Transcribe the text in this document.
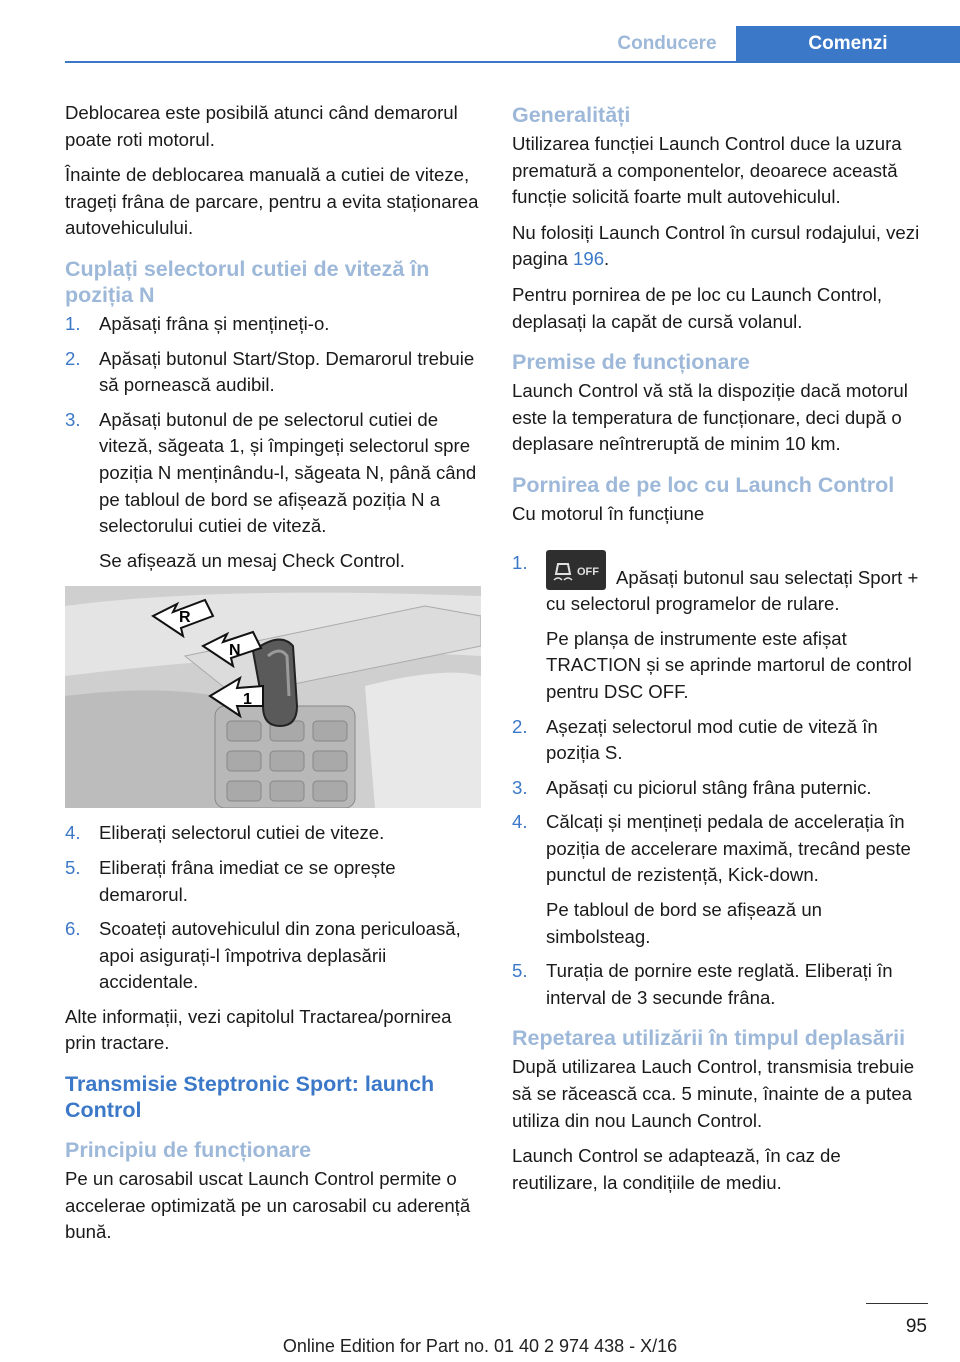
Conducere	Comenzi

Deblocarea este posibilă atunci când demarorul poate roti motorul.

Înainte de deblocarea manuală a cutiei de viteze, trageți frâna de parcare, pentru a evita staționarea autovehiculului.

Cuplați selectorul cutiei de viteză în poziția N
1. Apăsați frâna și mențineți-o.
2. Apăsați butonul Start/Stop. Demarorul trebuie să pornească audibil.
3. Apăsați butonul de pe selectorul cutiei de viteză, săgeata 1, și împingeți selectorul spre poziția N menținându-l, săgeata N, până când pe tabloul de bord se afișează poziția N a selectorului cutiei de viteză.
Se afișează un mesaj Check Control.
R
N
1
4. Eliberați selectorul cutiei de viteze.
5. Eliberați frâna imediat ce se oprește demarorul.
6. Scoateți autovehiculul din zona periculoasă, apoi asigurați-l împotriva deplasării accidentale.

Alte informații, vezi capitolul Tractarea/pornirea prin tractare.

Transmisie Steptronic Sport: launch Control
Principiu de funcționare

Pe un carosabil uscat Launch Control permite o accelerae optimizată pe un carosabil cu aderență bună.

Generalități

Utilizarea funcției Launch Control duce la uzura prematură a componentelor, deoarece această funcție solicită foarte mult autovehiculul.

Nu folosiți Launch Control în cursul rodajului, vezi pagina 196.

Pentru pornirea de pe loc cu Launch Control, deplasați la capăt de cursă volanul.

Premise de funcționare

Launch Control vă stă la dispoziție dacă motorul este la temperatura de funcționare, deci după o deplasare neîntreruptă de minim 10 km.

Pornirea de pe loc cu Launch Control

Cu motorul în funcțiune

1.	OFF Apăsați butonul sau selectați Sport + cu selectorul programelor de rulare.
Pe planșa de instrumente este afișat TRACTION și se aprinde martorul de control pentru DSC OFF.
2. Așezați selectorul mod cutie de viteză în poziția S.
3. Apăsați cu piciorul stâng frâna puternic.
4. Călcați și mențineți pedala de accelerația în poziția de accelerare maximă, trecând peste punctul de rezistență, Kick-down.
Pe tabloul de bord se afișează un simbolsteag.
5. Turația de pornire este reglată. Eliberați în interval de 3 secunde frâna.
Repetarea utilizării în timpul deplasării

După utilizarea Lauch Control, transmisia trebuie să se răcească cca. 5 minute, înainte de a putea utiliza din nou Launch Control.

Launch Control se adaptează, în caz de reutilizare, la condițiile de mediu.

95
Online Edition for Part no. 01 40 2 974 438 - X/16
